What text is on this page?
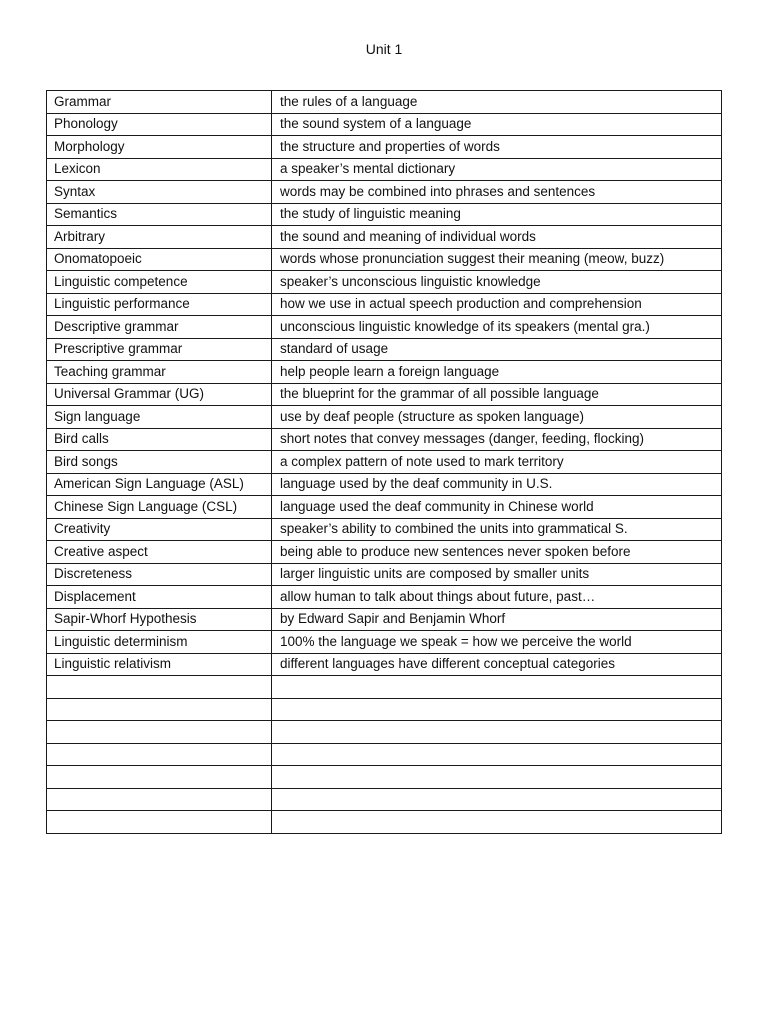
Unit 1
Grammar	the rules of a language
Phonology	the sound system of a language
Morphology	the structure and properties of words
Lexicon	a speaker’s mental dictionary
Syntax	words may be combined into phrases and sentences
Semantics	the study of linguistic meaning
Arbitrary	the sound and meaning of individual words
Onomatopoeic	words whose pronunciation suggest their meaning (meow, buzz)
Linguistic competence	speaker’s unconscious linguistic knowledge
Linguistic performance	how we use in actual speech production and comprehension
Descriptive grammar	unconscious linguistic knowledge of its speakers (mental gra.)
Prescriptive grammar	standard of usage
Teaching grammar	help people learn a foreign language
Universal Grammar (UG)	the blueprint for the grammar of all possible language
Sign language	use by deaf people (structure as spoken language)
Bird calls	short notes that convey messages (danger, feeding, flocking)
Bird songs	a complex pattern of note used to mark territory
American Sign Language (ASL)	language used by the deaf community in U.S.
Chinese Sign Language (CSL)	language used the deaf community in Chinese world
Creativity	speaker’s ability to combined the units into grammatical S.
Creative aspect	being able to produce new sentences never spoken before
Discreteness	larger linguistic units are composed by smaller units
Displacement	allow human to talk about things about future, past…
Sapir-Whorf Hypothesis	by Edward Sapir and Benjamin Whorf
Linguistic determinism	100% the language we speak = how we perceive the world
Linguistic relativism	different languages have different conceptual categories
